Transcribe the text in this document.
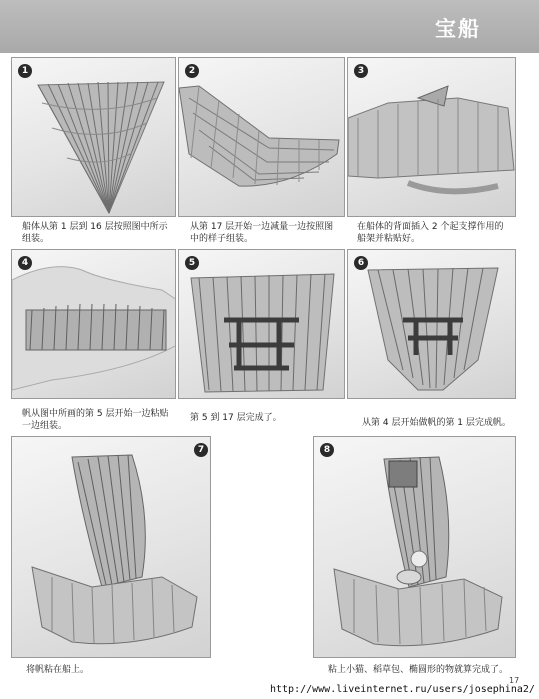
宝船
1
船体从第 1 层到 16 层按照图中所示组装。
2
从第 17 层开始一边减量一边按照图中的样子组装。
3
在船体的背面插入 2 个起支撑作用的船架并粘贴好。
4
帆从图中所画的第 5 层开始一边粘贴一边组装。
5
第 5 到 17 层完成了。
6
从第 4 层开始做帆的第 1 层完成帆。
7
将帆粘在船上。
8
粘上小猫、稻草包、椭圆形的物就算完成了。
17
http://www.liveinternet.ru/users/josephina2/
